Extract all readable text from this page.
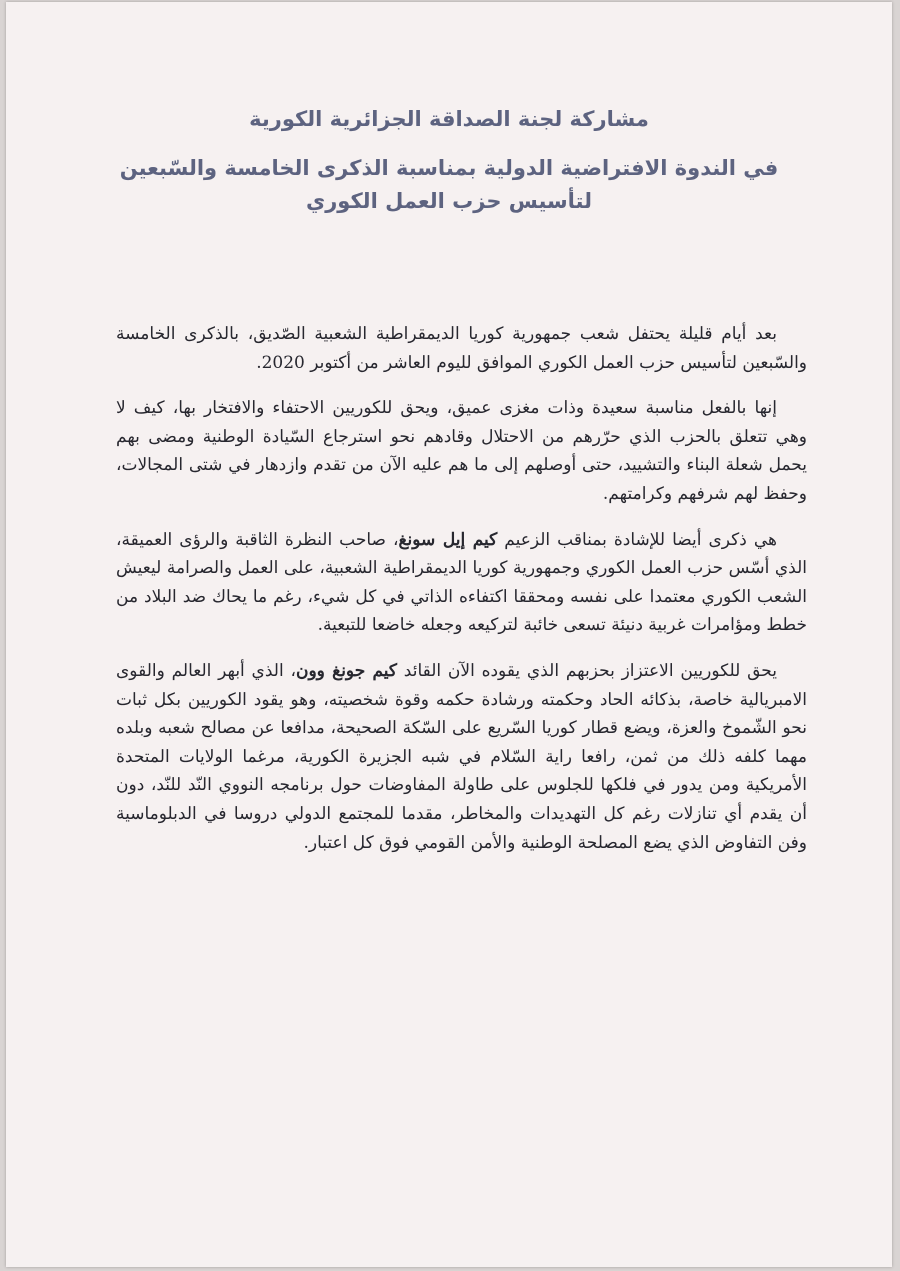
مشاركة لجنة الصداقة الجزائرية الكورية

في الندوة الافتراضية الدولية بمناسبة الذكرى الخامسة والسّبعين

لتأسيس حزب العمل الكوري

بعد أيام قليلة يحتفل شعب جمهورية كوريا الديمقراطية الشعبية الصّديق، بالذكرى الخامسة والسّبعين لتأسيس حزب العمل الكوري الموافق لليوم العاشر من أكتوبر 2020.

إنها بالفعل مناسبة سعيدة وذات مغزى عميق، ويحق للكوريين الاحتفاء والافتخار بها، كيف لا وهي تتعلق بالحزب الذي حرّرهم من الاحتلال وقادهم نحو استرجاع السّيادة الوطنية ومضى بهم يحمل شعلة البناء والتشييد، حتى أوصلهم إلى ما هم عليه الآن من تقدم وازدهار في شتى المجالات، وحفظ لهم شرفهم وكرامتهم.

هي ذكرى أيضا للإشادة بمناقب الزعيم كيم إيل سونغ، صاحب النظرة الثاقبة والرؤى العميقة، الذي أسّس حزب العمل الكوري وجمهورية كوريا الديمقراطية الشعبية، على العمل والصرامة ليعيش الشعب الكوري معتمدا على نفسه ومحققا اكتفاءه الذاتي في كل شيء، رغم ما يحاك ضد البلاد من خطط ومؤامرات غربية دنيئة تسعى خائبة لتركيعه وجعله خاضعا للتبعية.

يحق للكوريين الاعتزاز بحزبهم الذي يقوده الآن القائد كيم جونغ وون، الذي أبهر العالم والقوى الامبريالية خاصة، بذكائه الحاد وحكمته ورشادة حكمه وقوة شخصيته، وهو يقود الكوريين بكل ثبات نحو الشّموخ والعزة، ويضع قطار كوريا السّريع على السّكة الصحيحة، مدافعا عن مصالح شعبه وبلده مهما كلفه ذلك من ثمن، رافعا راية السّلام في شبه الجزيرة الكورية، مرغما الولايات المتحدة الأمريكية ومن يدور في فلكها للجلوس على طاولة المفاوضات حول برنامجه النووي النّد للنّد، دون أن يقدم أي تنازلات رغم كل التهديدات والمخاطر، مقدما للمجتمع الدولي دروسا في الدبلوماسية وفن التفاوض الذي يضع المصلحة الوطنية والأمن القومي فوق كل اعتبار.
